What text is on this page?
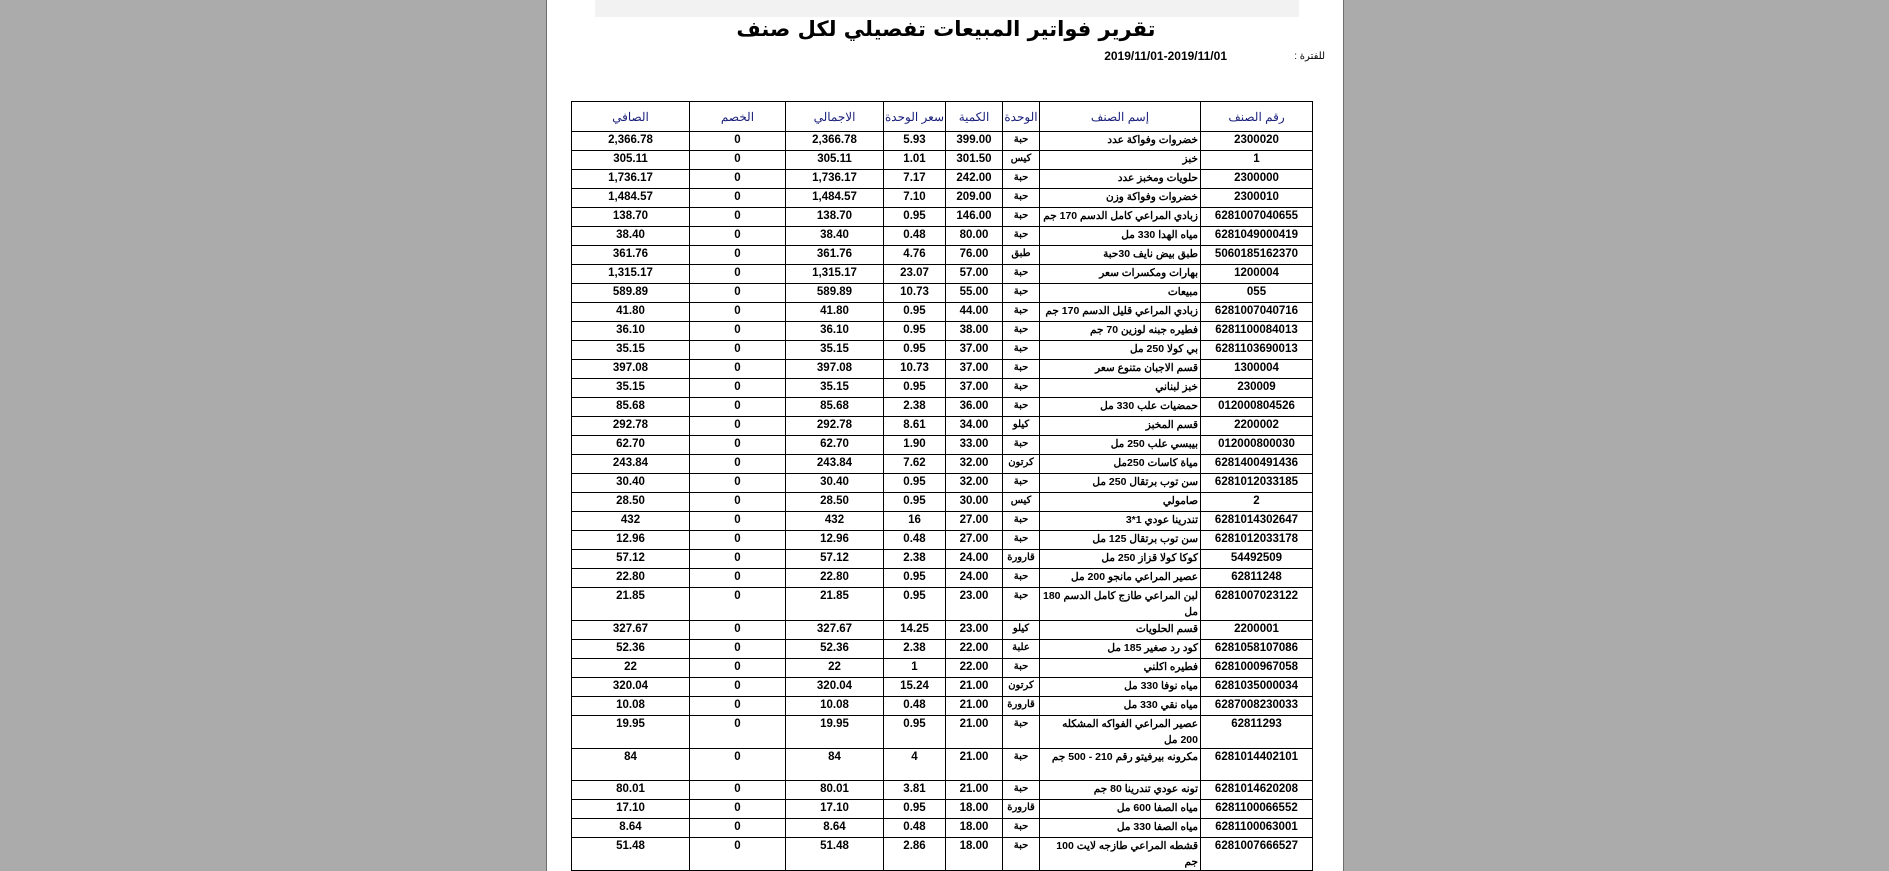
تقرير فواتير المبيعات تفصيلي لكل صنف
2019/11/01-2019/11/01	للفترة :
الصافي	الخصم	الاجمالي	سعر الوحدة	الكمية	الوحدة	إسم الصنف	رقم الصنف
2,366.78	0	2,366.78	5.93	399.00	حبة	خضروات وفواكة عدد	2300020
305.11	0	305.11	1.01	301.50	كيس	خبز	1
1,736.17	0	1,736.17	7.17	242.00	حبة	حلويات ومخبز عدد	2300000
1,484.57	0	1,484.57	7.10	209.00	حبة	خضروات وفواكة وزن	2300010
138.70	0	138.70	0.95	146.00	حبة	زبادي المراعي كامل الدسم 170 جم	6281007040655
38.40	0	38.40	0.48	80.00	حبة	مياه الهدا 330 مل	6281049000419
361.76	0	361.76	4.76	76.00	طبق	طبق بيض نايف 30حبة	5060185162370
1,315.17	0	1,315.17	23.07	57.00	حبة	بهارات ومكسرات سعر	1200004
589.89	0	589.89	10.73	55.00	حبة	مبيعات	055
41.80	0	41.80	0.95	44.00	حبة	زبادي المراعي قليل الدسم 170 جم	6281007040716
36.10	0	36.10	0.95	38.00	حبة	فطيره جبنه لوزين 70 جم	6281100084013
35.15	0	35.15	0.95	37.00	حبة	بي كولا 250 مل	6281103690013
397.08	0	397.08	10.73	37.00	حبة	قسم الاجبان متنوع سعر	1300004
35.15	0	35.15	0.95	37.00	حبة	خبز لبناني	230009
85.68	0	85.68	2.38	36.00	حبة	حمضيات علب 330 مل	012000804526
292.78	0	292.78	8.61	34.00	كيلو	قسم المخبز	2200002
62.70	0	62.70	1.90	33.00	حبة	بيبسي علب 250 مل	012000800030
243.84	0	243.84	7.62	32.00	كرتون	مياة كاسات 250مل	6281400491436
30.40	0	30.40	0.95	32.00	حبة	سن توب برتقال 250 مل	6281012033185
28.50	0	28.50	0.95	30.00	كيس	صامولي	2
432	0	432	16	27.00	حبة	تندرينا عودي 1*3	6281014302647
12.96	0	12.96	0.48	27.00	حبة	سن توب برتقال 125 مل	6281012033178
57.12	0	57.12	2.38	24.00	قارورة	كوكا كولا قزاز 250 مل	54492509
22.80	0	22.80	0.95	24.00	حبة	عصير المراعي مانجو 200 مل	62811248
21.85	0	21.85	0.95	23.00	حبة	لبن المراعي طازج كامل الدسم 180 مل	6281007023122
327.67	0	327.67	14.25	23.00	كيلو	قسم الحلويات	2200001
52.36	0	52.36	2.38	22.00	علبة	كود رد صغير 185 مل	6281058107086
22	0	22	1	22.00	حبة	فطيره اكلني	6281000967058
320.04	0	320.04	15.24	21.00	كرتون	مياه نوفا 330 مل	6281035000034
10.08	0	10.08	0.48	21.00	قارورة	مياه نقي 330 مل	6287008230033
19.95	0	19.95	0.95	21.00	حبة	عصير المراعي الفواكه المشكله 200 مل	62811293
84	0	84	4	21.00	حبة	مكرونه بيرفيتو رقم 210 - 500 جم	6281014402101
80.01	0	80.01	3.81	21.00	حبة	تونه عودي تندرينا 80 جم	6281014620208
17.10	0	17.10	0.95	18.00	قارورة	مياه الصفا 600 مل	6281100066552
8.64	0	8.64	0.48	18.00	حبة	مياه الصفا 330 مل	6281100063001
51.48	0	51.48	2.86	18.00	حبة	قشطه المراعي طازجه لايت 100 جم	6281007666527
